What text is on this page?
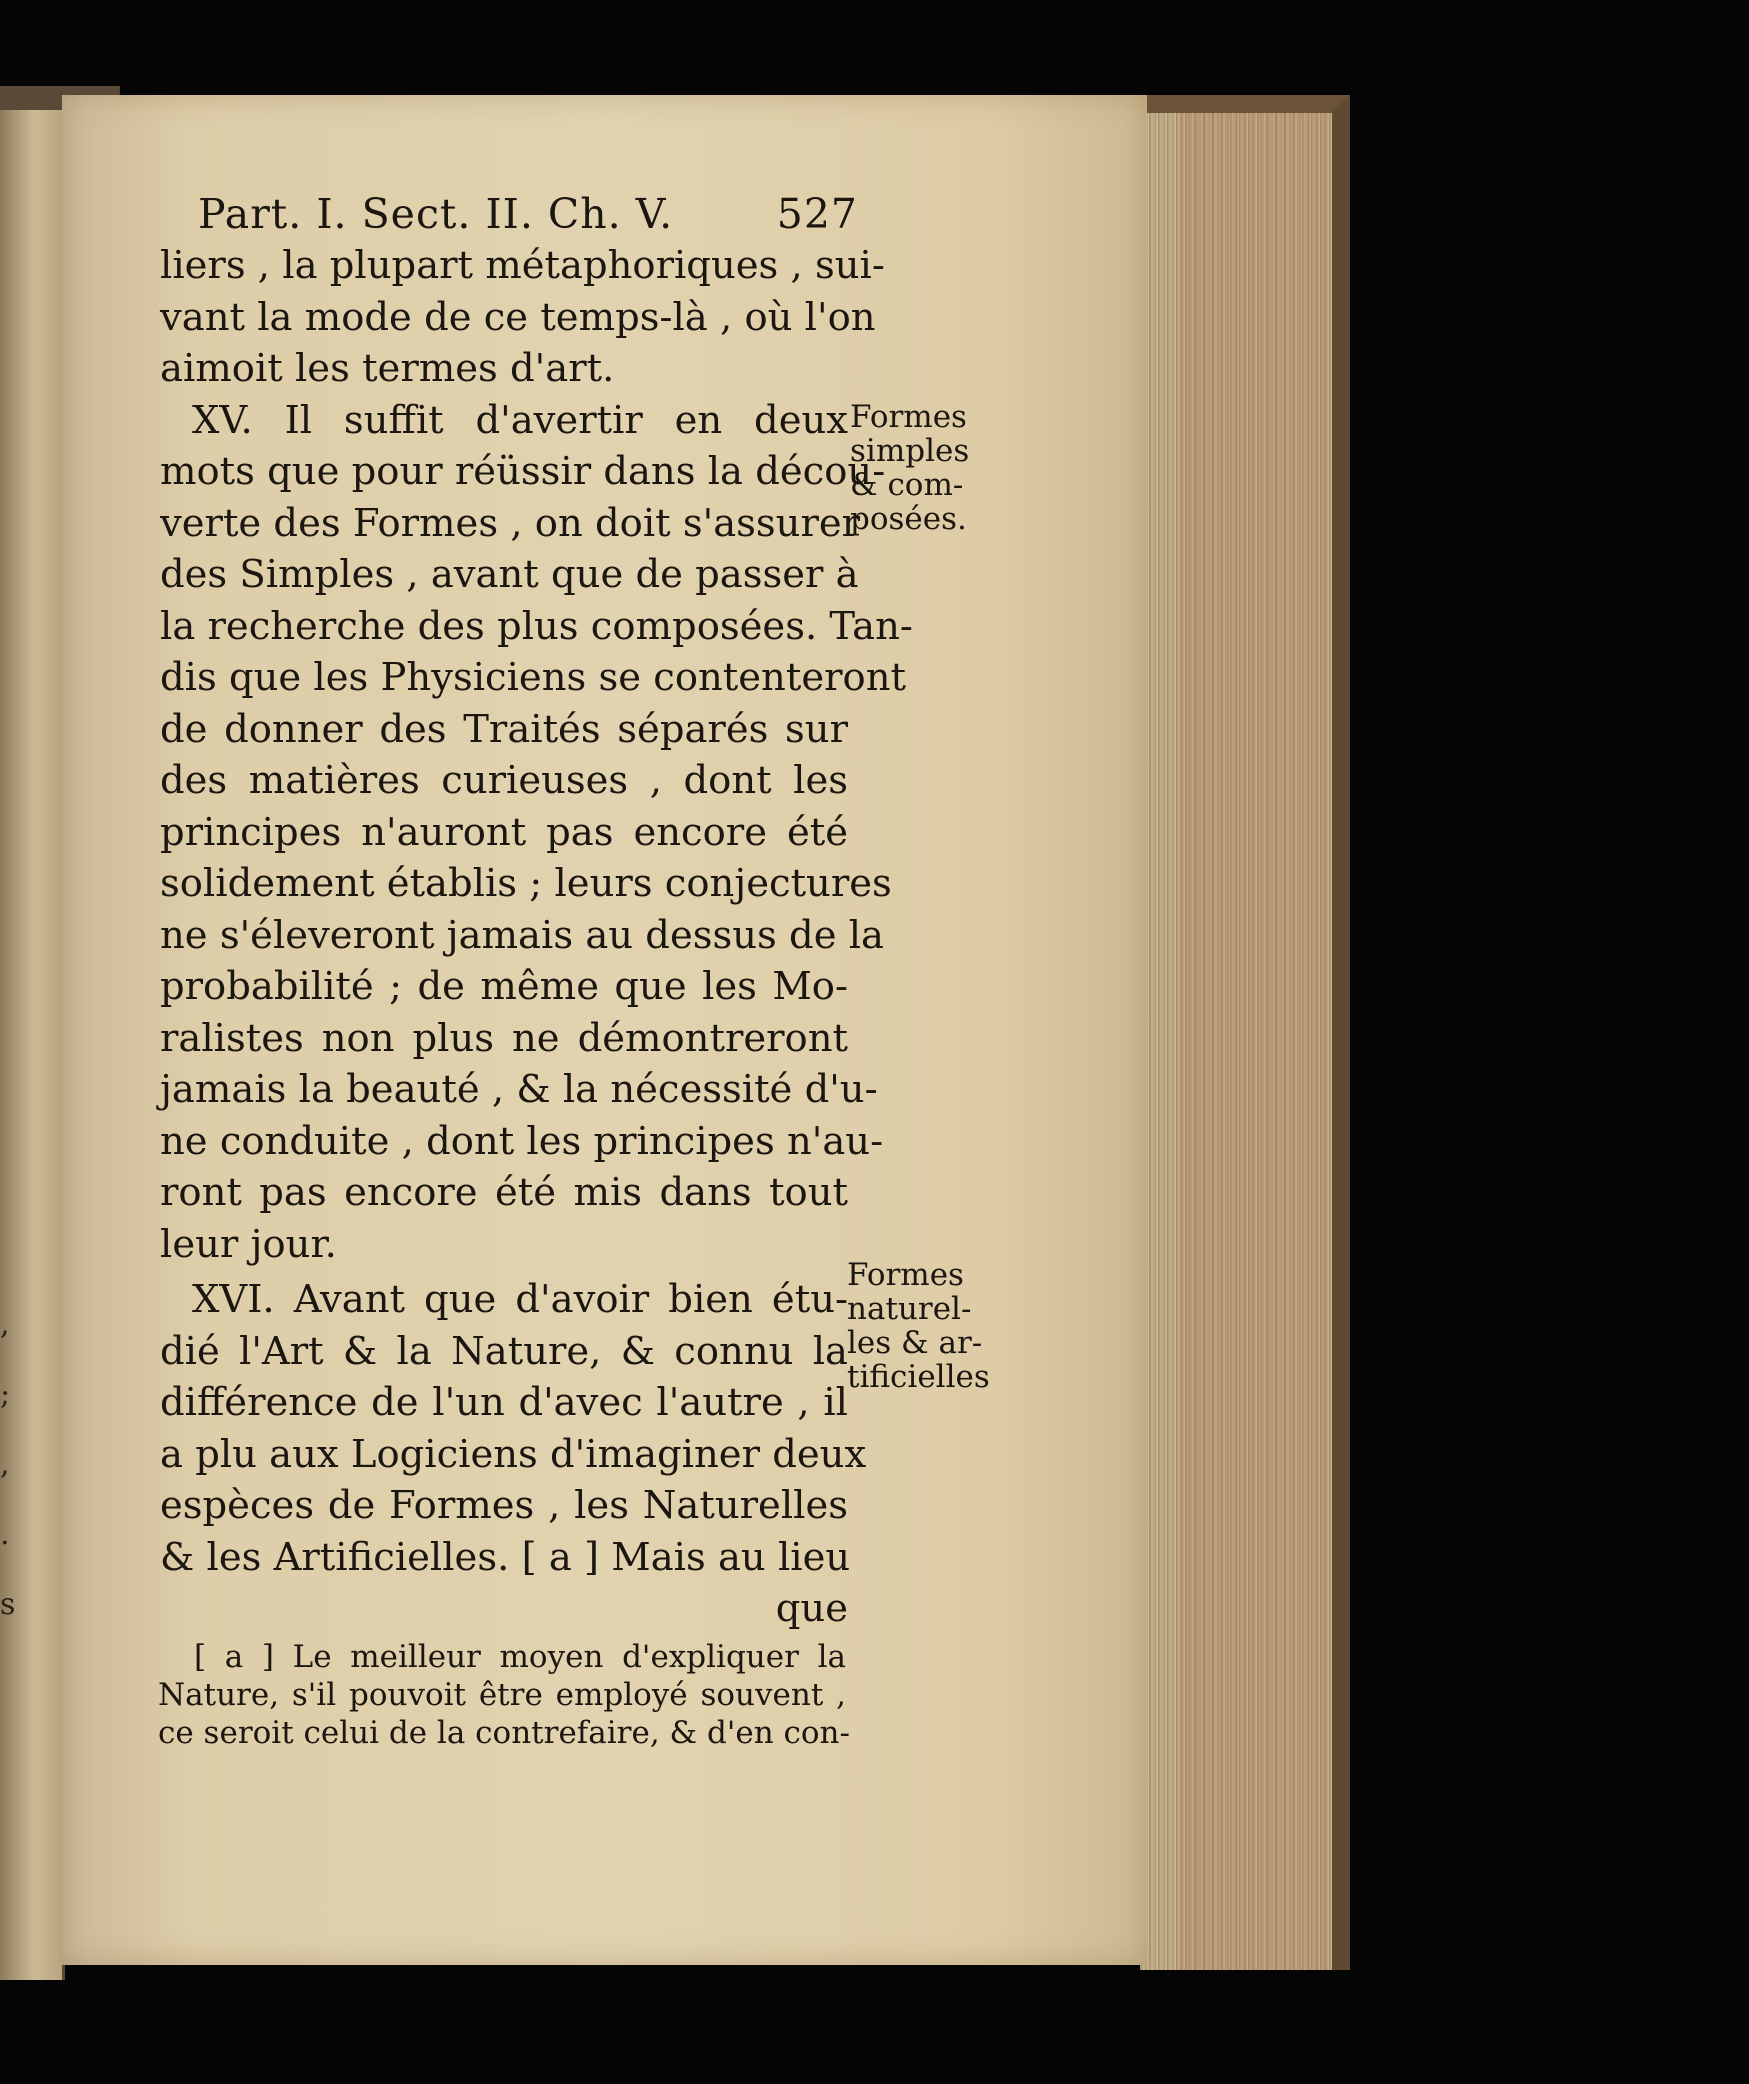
,
;
,
.
s
Part. I. Sect. II. Ch. V.	527
liers , la plupart métaphoriques , sui-
vant la mode de ce temps-là , où l'on
aimoit les termes d'art.
XV. Il suffit d'avertir en deux
mots que pour réüssir dans la décou-
verte des Formes , on doit s'assurer
des Simples , avant que de passer à
la recherche des plus composées. Tan-
dis que les Physiciens se contenteront
de donner des Traités séparés sur
des matières curieuses , dont les
principes n'auront pas encore été
solidement établis ; leurs conjectures
ne s'éleveront jamais au dessus de la
probabilité ; de même que les Mo-
ralistes non plus ne démontreront
jamais la beauté , & la nécessité d'u-
ne conduite , dont les principes n'au-
ront pas encore été mis dans tout
leur jour.
XVI. Avant que d'avoir bien étu-
dié l'Art & la Nature, & connu la
différence de l'un d'avec l'autre , il
a plu aux Logiciens d'imaginer deux
espèces de Formes , les Naturelles
& les Artificielles. [ a ] Mais au lieu
que
Formes
simples
& com-
posées.
Formes
naturel-
les & ar-
tificielles
[ a ] Le meilleur moyen d'expliquer la
Nature, s'il pouvoit être employé souvent ,
ce seroit celui de la contrefaire, & d'en con-
